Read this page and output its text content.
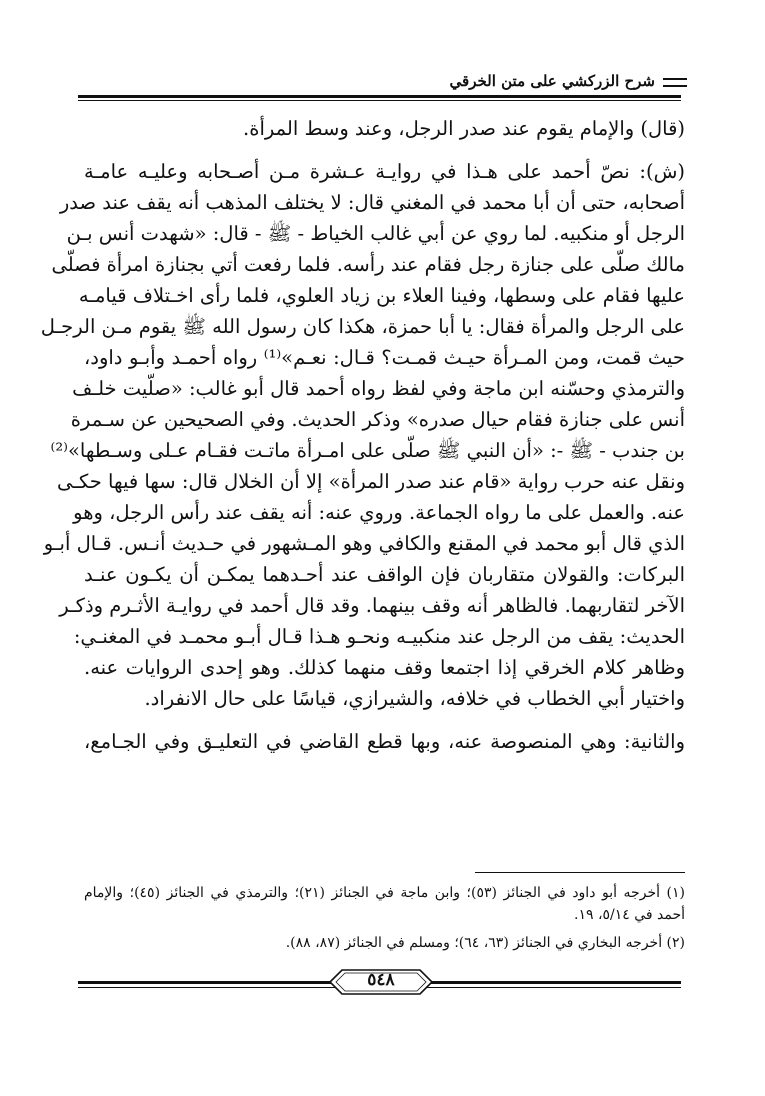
شرح الزركشي على متن الخرقي
(قال) والإمام يقوم عند صدر الرجل، وعند وسط المرأة.
(ش): نصّ أحمد على هـذا في روايـة عـشرة مـن أصـحابه وعليـه عامـة
أصحابه، حتى أن أبا محمد في المغني قال: لا يختلف المذهب أنه يقف عند صدر
الرجل أو منكبيه. لما روي عن أبي غالب الخياط - ﷺ - قال: «شهدت أنس بـن
مالك صلّى على جنازة رجل فقام عند رأسه. فلما رفعت أتي بجنازة امرأة فصلّى
عليها فقام على وسطها، وفينا العلاء بن زياد العلوي، فلما رأى اخـتلاف قيامـه
على الرجل والمرأة فقال: يا أبا حمزة، هكذا كان رسول الله ﷺ يقوم مـن الرجـل
حيث قمت، ومن المـرأة حيـث قمـت؟ قـال: نعـم»⁽¹⁾ رواه أحمـد وأبـو داود،
والترمذي وحسّنه ابن ماجة وفي لفظ رواه أحمد قال أبو غالب: «صلّيت خلـف
أنس على جنازة فقام حيال صدره» وذكر الحديث. وفي الصحيحين عن سـمرة
بن جندب - ﷺ -: «أن النبي ﷺ صلّى على امـرأة ماتـت فقـام عـلى وسـطها»⁽²⁾
ونقل عنه حرب رواية «قام عند صدر المرأة» إلا أن الخلال قال: سها فيها حكـى
عنه. والعمل على ما رواه الجماعة. وروي عنه: أنه يقف عند رأس الرجل، وهو
الذي قال أبو محمد في المقنع والكافي وهو المـشهور في حـديث أنـس. قـال أبـو
البركات: والقولان متقاربان فإن الواقف عند أحـدهما يمكـن أن يكـون عنـد
الآخر لتقاربهما. فالظاهر أنه وقف بينهما. وقد قال أحمد في روايـة الأثـرم وذكـر
الحديث: يقف من الرجل عند منكبيـه ونحـو هـذا قـال أبـو محمـد في المغنـي:
وظاهر كلام الخرقي إذا اجتمعا وقف منهما كذلك. وهو إحدى الروايات عنه.
واختيار أبي الخطاب في خلافه، والشيرازي، قياسًا على حال الانفراد.
والثانية: وهي المنصوصة عنه، وبها قطع القاضي في التعليـق وفي الجـامع،
(١) أخرجه أبو داود في الجنائز (٥٣)؛ وابن ماجة في الجنائز (٢١)؛ والترمذي في الجنائز (٤٥)؛ والإمام
أحمد في ٥/١٤، ١٩.
(٢) أخرجه البخاري في الجنائز (٦٣، ٦٤)؛ ومسلم في الجنائز (٨٧، ٨٨).
٥٤٨
